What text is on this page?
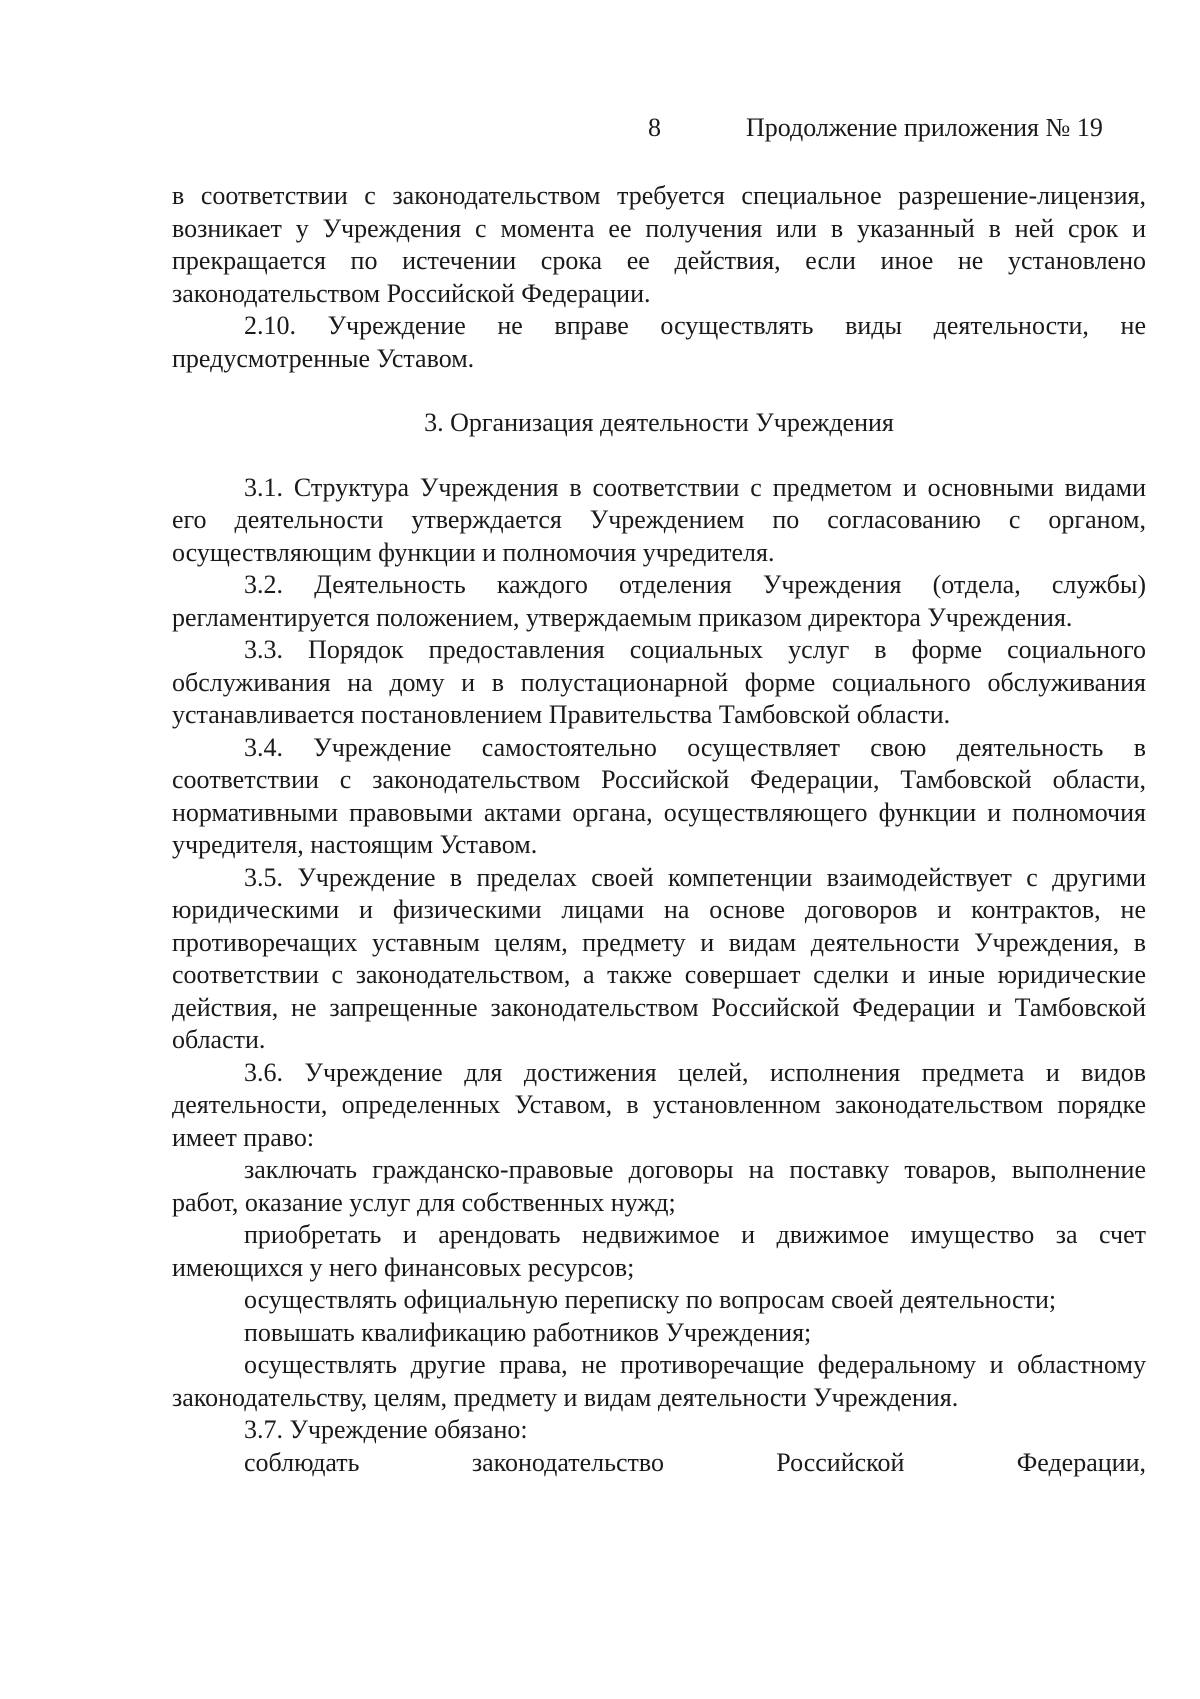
8	Продолжение приложения № 19

в соответствии с законодательством требуется специальное разрешение-лицензия, возникает у Учреждения с момента ее получения или в указанный в ней срок и прекращается по истечении срока ее действия, если иное не установлено законодательством Российской Федерации.

2.10. Учреждение не вправе осуществлять виды деятельности, не предусмотренные Уставом.

3. Организация деятельности Учреждения

3.1. Структура Учреждения в соответствии с предметом и основными видами его деятельности утверждается Учреждением по согласованию с органом, осуществляющим функции и полномочия учредителя.

3.2. Деятельность каждого отделения Учреждения (отдела, службы) регламентируется положением, утверждаемым приказом директора Учреждения.

3.3. Порядок предоставления социальных услуг в форме социального обслуживания на дому и в полустационарной форме социального обслуживания устанавливается постановлением Правительства Тамбовской области.

3.4. Учреждение самостоятельно осуществляет свою деятельность в соответствии с законодательством Российской Федерации, Тамбовской области, нормативными правовыми актами органа, осуществляющего функции и полномочия учредителя, настоящим Уставом.

3.5. Учреждение в пределах своей компетенции взаимодействует с другими юридическими и физическими лицами на основе договоров и контрактов, не противоречащих уставным целям, предмету и видам деятельности Учреждения, в соответствии с законодательством, а также совершает сделки и иные юридические действия, не запрещенные законодательством Российской Федерации и Тамбовской области.

3.6. Учреждение для достижения целей, исполнения предмета и видов деятельности, определенных Уставом, в установленном законодательством порядке имеет право:

заключать гражданско-правовые договоры на поставку товаров, выполнение работ, оказание услуг для собственных нужд;

приобретать и арендовать недвижимое и движимое имущество за счет имеющихся у него финансовых ресурсов;

осуществлять официальную переписку по вопросам своей деятельности;

повышать квалификацию работников Учреждения;

осуществлять другие права, не противоречащие федеральному и областному законодательству, целям, предмету и видам деятельности Учреждения.

3.7. Учреждение обязано:

соблюдать законодательство Российской Федерации,
